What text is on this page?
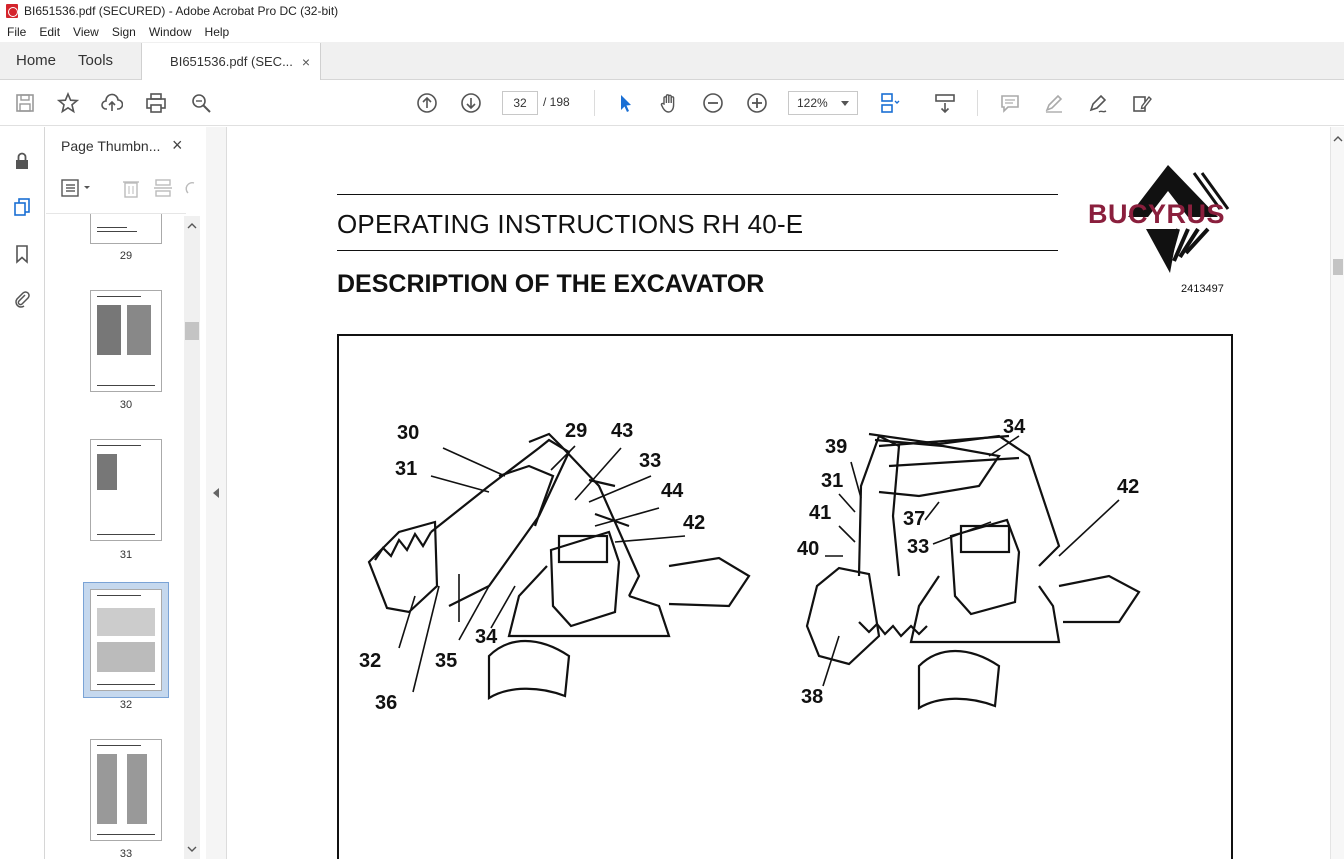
BI651536.pdf (SECURED) - Adobe Acrobat Pro DC (32-bit)
File Edit View Sign Window Help
Home	Tools	BI651536.pdf (SEC... ×
32	/ 198	122%
Page Thumbn... ×
29
30
31
32
33
OPERATING INSTRUCTIONS RH 40-E
DESCRIPTION OF THE EXCAVATOR
BUCYRUS
2413497
30	29 43
33
31
44
42
34
35
32
36
34
39
31	42
41	37
40	33
38
